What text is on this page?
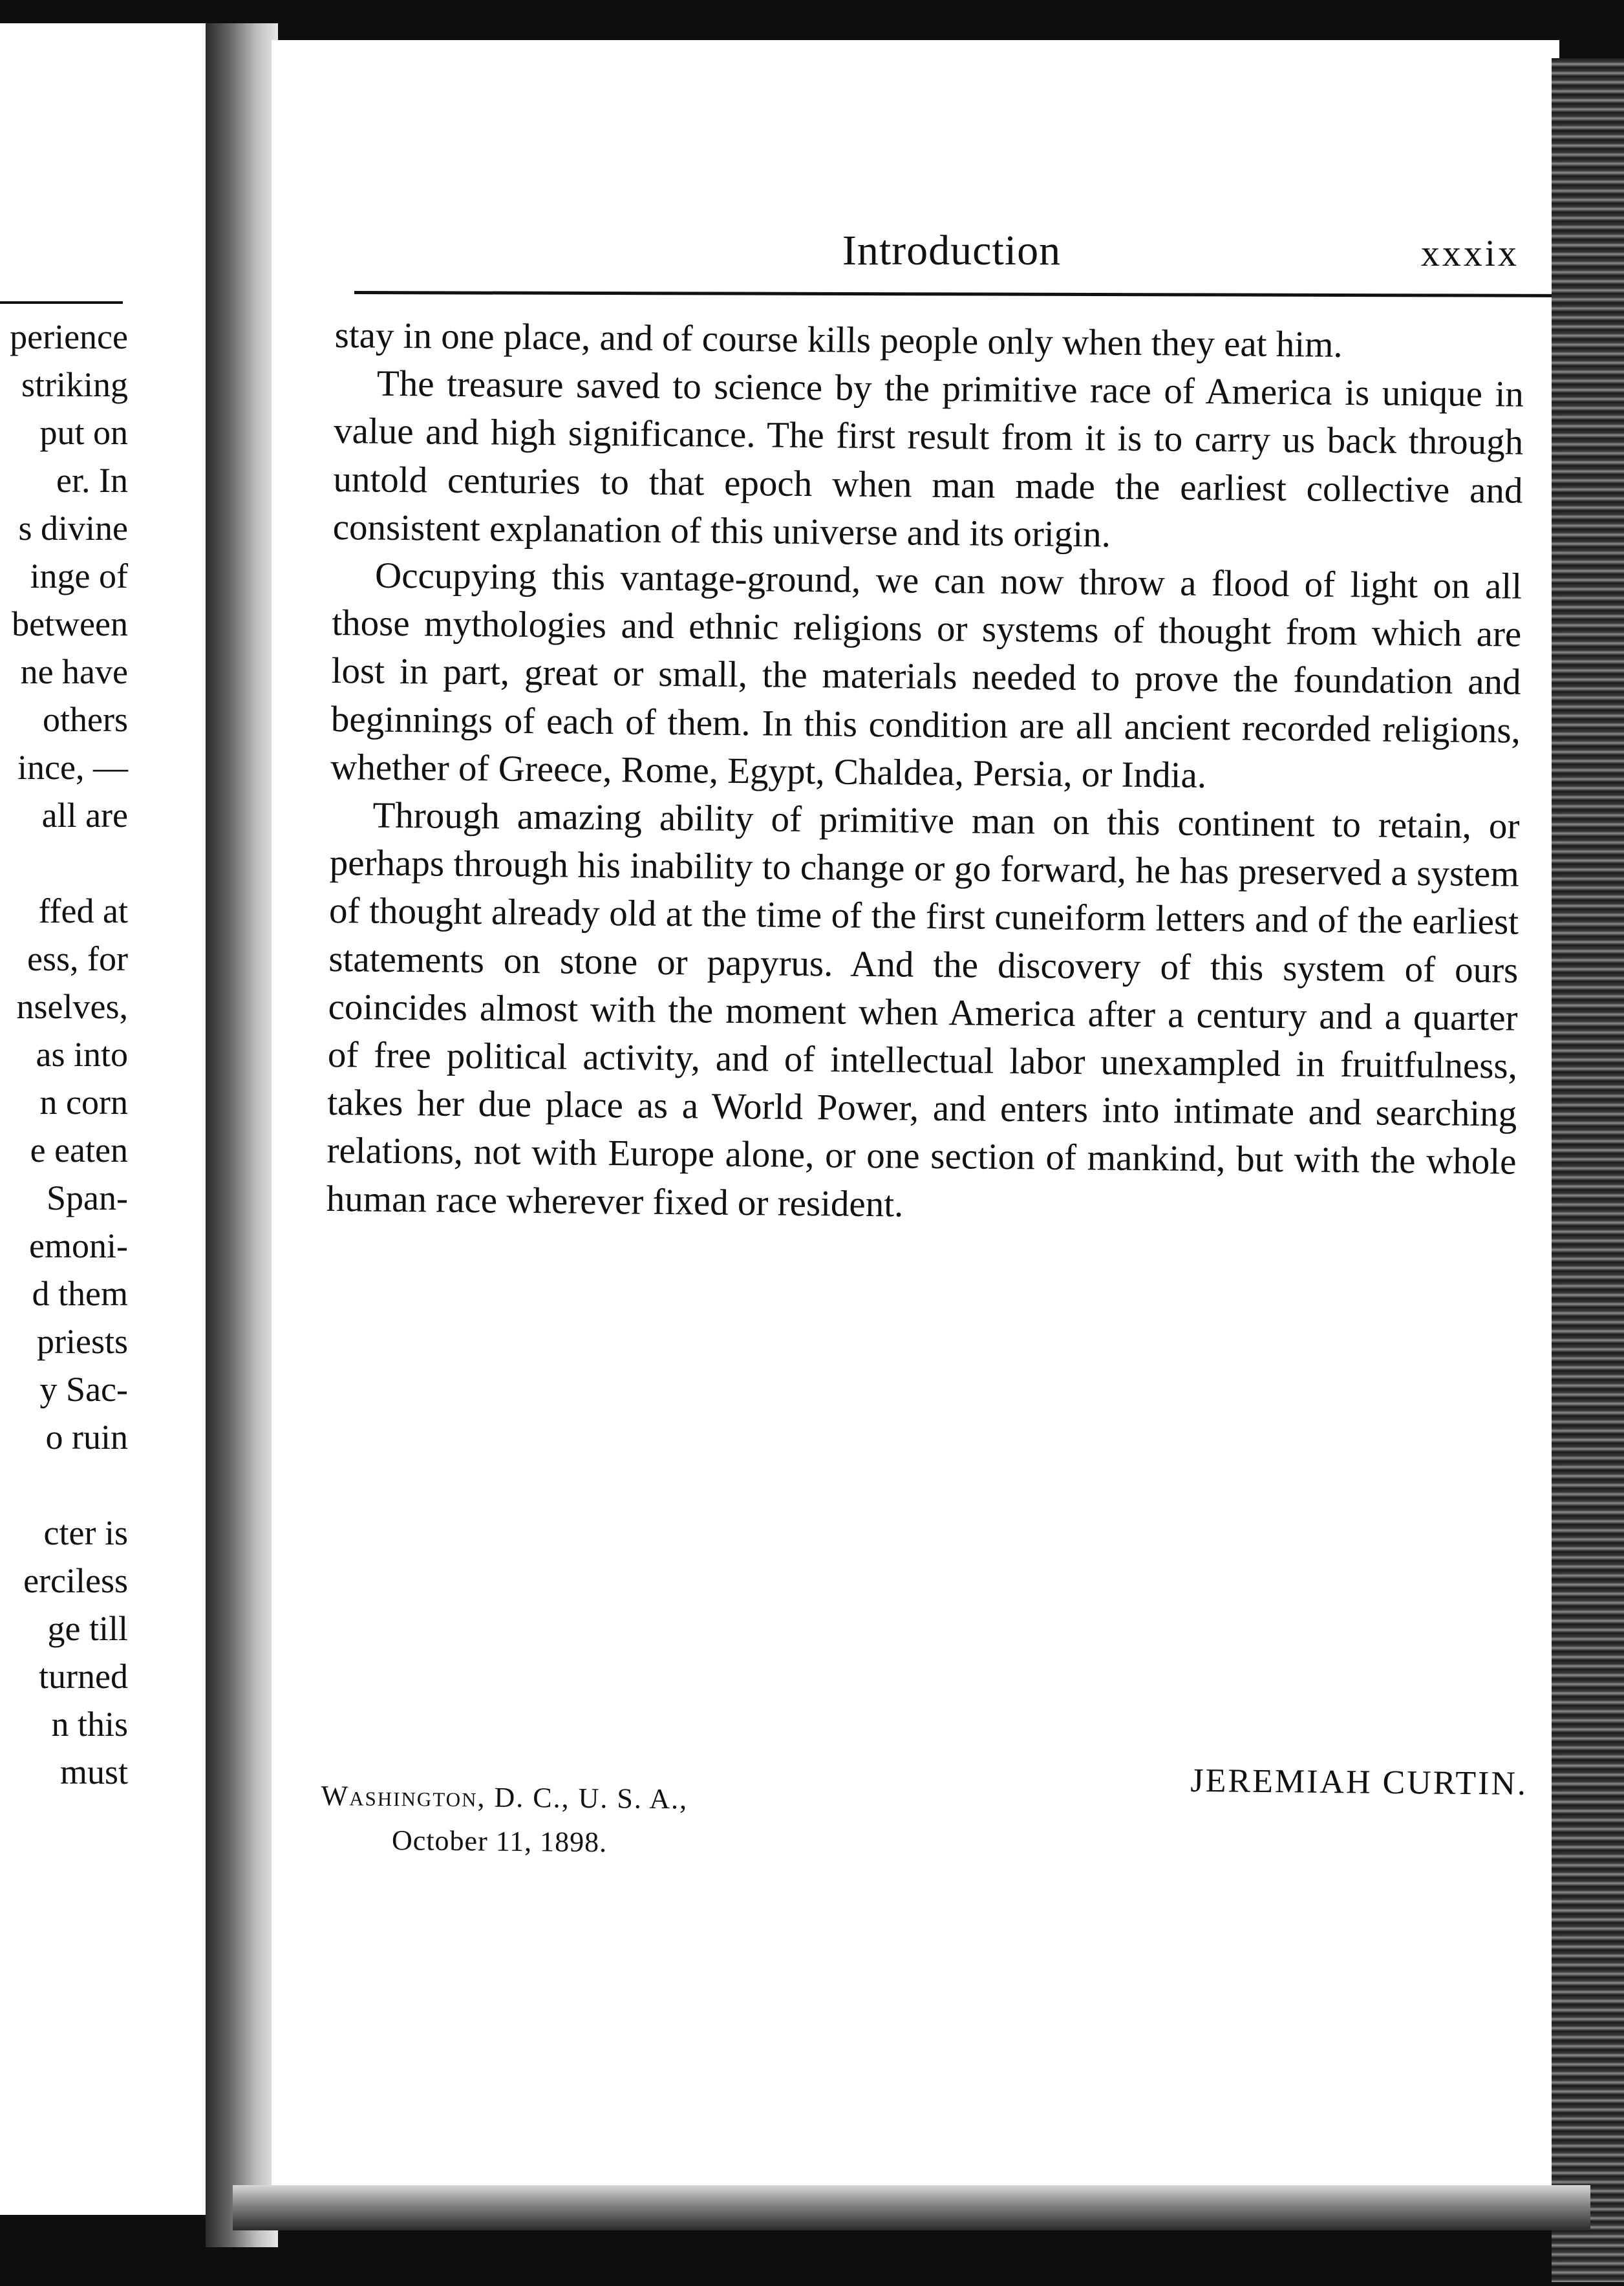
perience
striking
put on
er. In
s divine
inge of
between
ne have
others
ince, —
all are
ffed at
ess, for
nselves,
as into
n corn
e eaten
Span-
emoni-
d them
priests
y Sac-
o ruin
cter is
erciless
ge till
turned
n this
must
Introduction	xxxix

stay in one place, and of course kills people only when they eat him.

The treasure saved to science by the primitive race of America is unique in value and high significance. The first result from it is to carry us back through untold centuries to that epoch when man made the earliest collective and consistent explanation of this universe and its origin.

Occupying this vantage-ground, we can now throw a flood of light on all those mythologies and ethnic religions or systems of thought from which are lost in part, great or small, the materials needed to prove the foundation and beginnings of each of them. In this condition are all ancient recorded religions, whether of Greece, Rome, Egypt, Chaldea, Persia, or India.

Through amazing ability of primitive man on this continent to retain, or perhaps through his inability to change or go forward, he has preserved a system of thought already old at the time of the first cuneiform letters and of the earliest statements on stone or papyrus. And the discovery of this system of ours coincides almost with the moment when America after a century and a quarter of free political activity, and of intellectual labor unexampled in fruitfulness, takes her due place as a World Power, and enters into intimate and searching relations, not with Europe alone, or one section of mankind, but with the whole human race wherever fixed or resident.

JEREMIAH CURTIN.
Washington, D. C., U. S. A.,
October 11, 1898.
